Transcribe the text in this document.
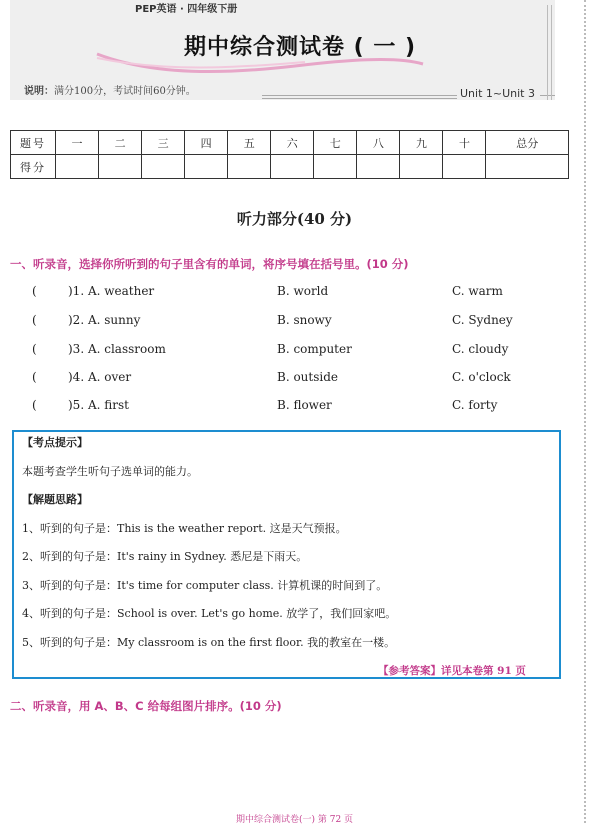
PEP英语 · 四年级下册
期中综合测试卷 ( 一 )
说明：满分100分，考试时间60分钟。	Unit 1~Unit 3
题号	一	二	三	四	五	六	七	八	九	十	总分
得分											
听力部分(40 分)
一、听录音，选择你所听到的句子里含有的单词，将序号填在括号里。(10 分)
(	)1. A. weather	B. world	C. warm
(	)2. A. sunny	B. snowy	C. Sydney
(	)3. A. classroom	B. computer	C. cloudy
(	)4. A. over	B. outside	C. o'clock
(	)5. A. first	B. flower	C. forty
【考点提示】
本题考查学生听句子选单词的能力。
【解题思路】
1、听到的句子是：This is the weather report. 这是天气预报。
2、听到的句子是：It's rainy in Sydney. 悉尼是下雨天。
3、听到的句子是：It's time for computer class. 计算机课的时间到了。
4、听到的句子是：School is over. Let's go home. 放学了，我们回家吧。
5、听到的句子是：My classroom is on the first floor. 我的教室在一楼。
【参考答案】详见本卷第 91 页
二、听录音，用 A、B、C 给每组图片排序。(10 分)
期中综合测试卷(一) 第 72 页
